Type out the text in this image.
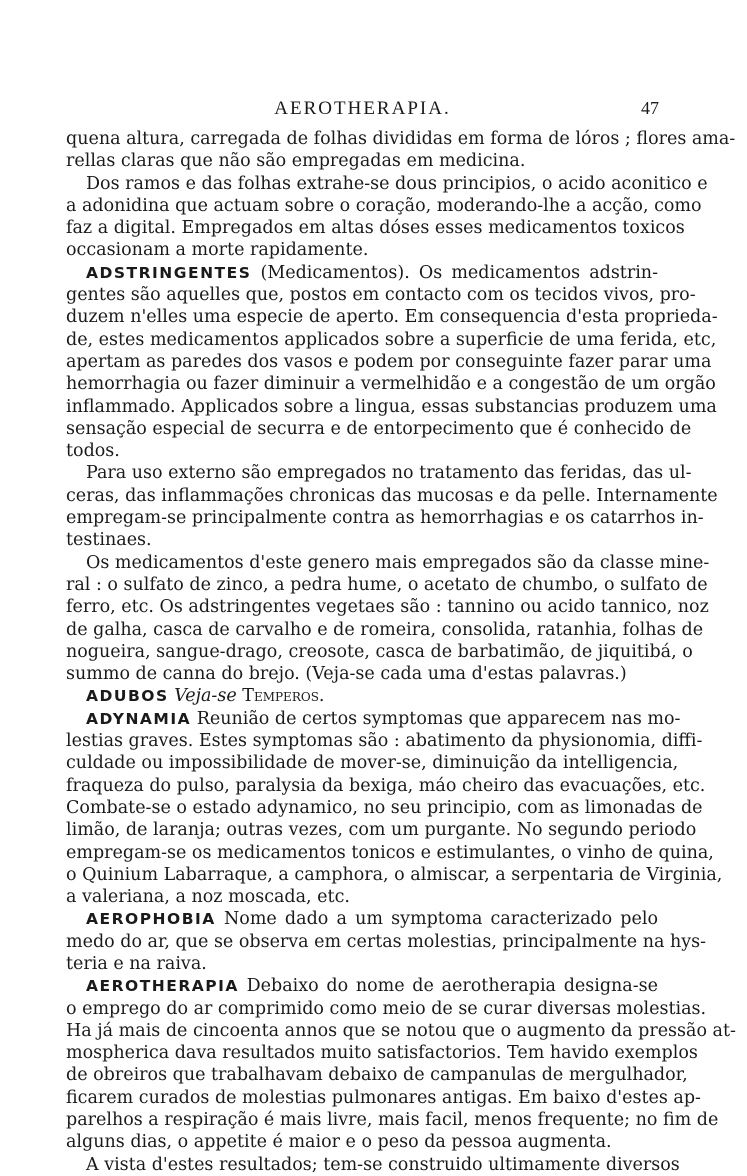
AEROTHERAPIA.	47
quena altura, carregada de folhas divididas em forma de lóros ; flores ama-
rellas claras que não são empregadas em medicina.
Dos ramos e das folhas extrahe-se dous principios, o acido aconitico e
a adonidina que actuam sobre o coração, moderando-lhe a acção, como
faz a digital. Empregados em altas dóses esses medicamentos toxicos
occasionam a morte rapidamente.
ADSTRINGENTES (Medicamentos). Os medicamentos adstrin-
gentes são aquelles que, postos em contacto com os tecidos vivos, pro-
duzem n'elles uma especie de aperto. Em consequencia d'esta proprieda-
de, estes medicamentos applicados sobre a superficie de uma ferida, etc,
apertam as paredes dos vasos e podem por conseguinte fazer parar uma
hemorrhagia ou fazer diminuir a vermelhidão e a congestão de um orgão
inflammado. Applicados sobre a lingua, essas substancias produzem uma
sensação especial de securra e de entorpecimento que é conhecido de
todos.
Para uso externo são empregados no tratamento das feridas, das ul-
ceras, das inflammações chronicas das mucosas e da pelle. Internamente
empregam-se principalmente contra as hemorrhagias e os catarrhos in-
testinaes.
Os medicamentos d'este genero mais empregados são da classe mine-
ral : o sulfato de zinco, a pedra hume, o acetato de chumbo, o sulfato de
ferro, etc. Os adstringentes vegetaes são : tannino ou acido tannico, noz
de galha, casca de carvalho e de romeira, consolida, ratanhia, folhas de
nogueira, sangue-drago, creosote, casca de barbatimão, de jiquitibá, o
summo de canna do brejo. (Veja-se cada uma d'estas palavras.)
ADUBOS Veja-se Temperos.
ADYNAMIA Reunião de certos symptomas que apparecem nas mo-
lestias graves. Estes symptomas são : abatimento da physionomia, diffi-
culdade ou impossibilidade de mover-se, diminuição da intelligencia,
fraqueza do pulso, paralysia da bexiga, máo cheiro das evacuações, etc.
Combate-se o estado adynamico, no seu principio, com as limonadas de
limão, de laranja; outras vezes, com um purgante. No segundo periodo
empregam-se os medicamentos tonicos e estimulantes, o vinho de quina,
o Quinium Labarraque, a camphora, o almiscar, a serpentaria de Virginia,
a valeriana, a noz moscada, etc.
AEROPHOBIA Nome dado a um symptoma caracterizado pelo
medo do ar, que se observa em certas molestias, principalmente na hys-
teria e na raiva.
AEROTHERAPIA Debaixo do nome de aerotherapia designa-se
o emprego do ar comprimido como meio de se curar diversas molestias.
Ha já mais de cincoenta annos que se notou que o augmento da pressão at-
mospherica dava resultados muito satisfactorios. Tem havido exemplos
de obreiros que trabalhavam debaixo de campanulas de mergulhador,
ficarem curados de molestias pulmonares antigas. Em baixo d'estes ap-
parelhos a respiração é mais livre, mais facil, menos frequente; no fim de
alguns dias, o appetite é maior e o peso da pessoa augmenta.
A vista d'estes resultados; tem-se construido ultimamente diversos
